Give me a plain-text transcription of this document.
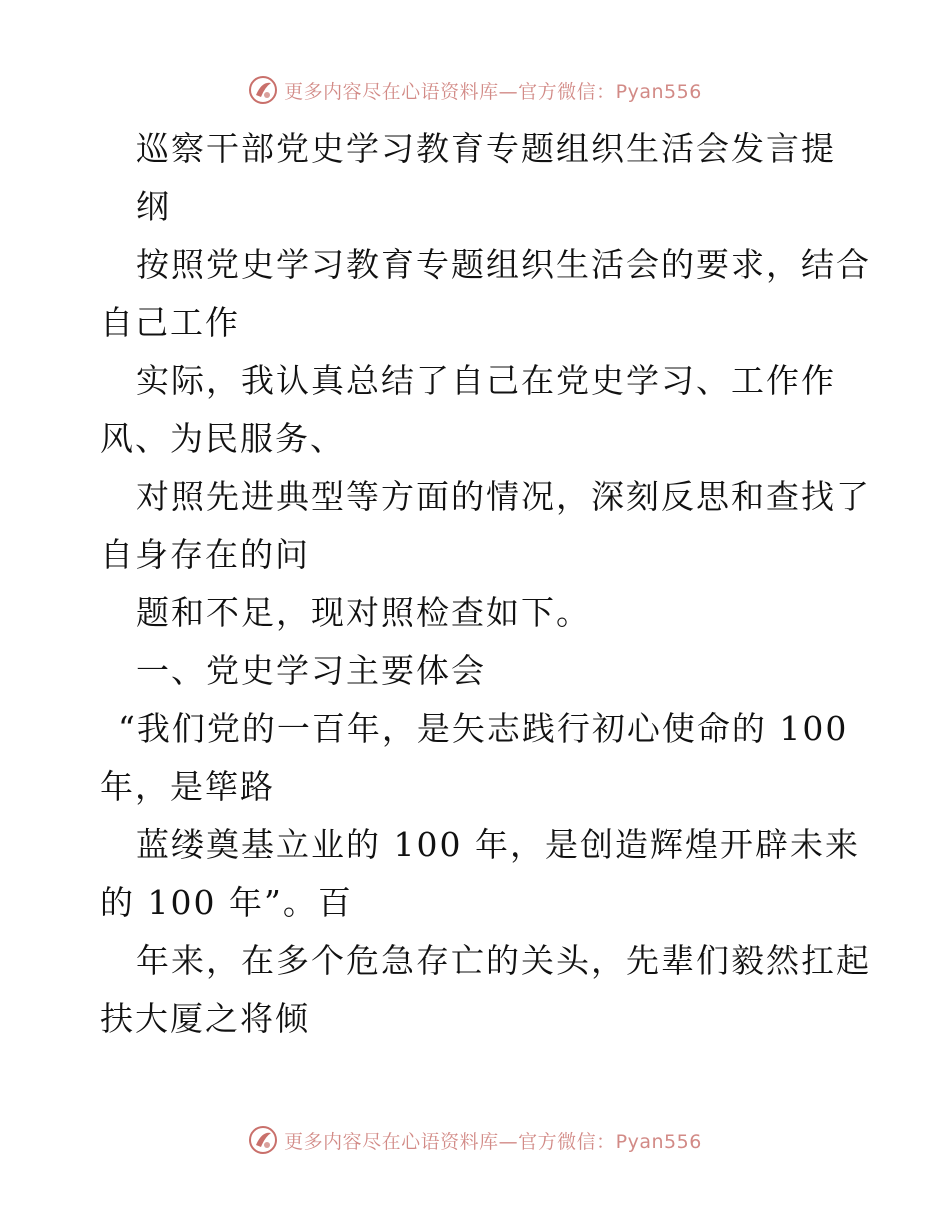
更多内容尽在心语资料库—官方微信：Pyan556
巡察干部党史学习教育专题组织生活会发言提
纲
按照党史学习教育专题组织生活会的要求，结合
自己工作
实际，我认真总结了自己在党史学习、工作作
风、为民服务、
对照先进典型等方面的情况，深刻反思和查找了
自身存在的问
题和不足，现对照检查如下。
一、党史学习主要体会
“我们党的一百年，是矢志践行初心使命的 100
年，是筚路
蓝缕奠基立业的 100 年，是创造辉煌开辟未来
的 100 年”。百
年来，在多个危急存亡的关头，先辈们毅然扛起
扶大厦之将倾
更多内容尽在心语资料库—官方微信：Pyan556
